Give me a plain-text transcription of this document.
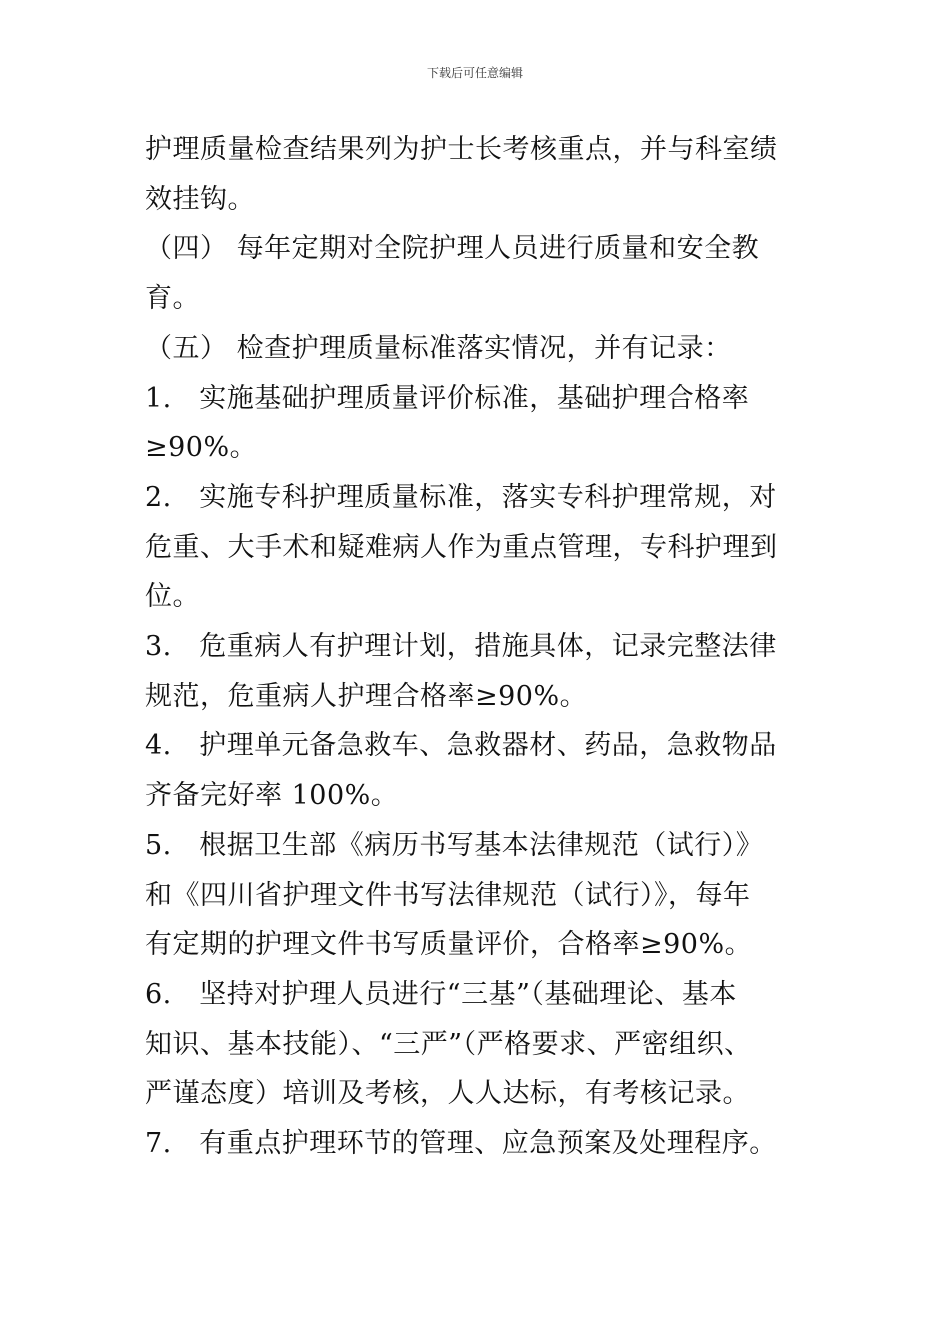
下载后可任意编辑

护理质量检查结果列为护士长考核重点，并与科室绩
效挂钩。

（四） 每年定期对全院护理人员进行质量和安全教
育。

（五） 检查护理质量标准落实情况，并有记录：

1.　实施基础护理质量评价标准，基础护理合格率
≥90%。

2.　实施专科护理质量标准，落实专科护理常规，对
危重、大手术和疑难病人作为重点管理，专科护理到
位。

3.　危重病人有护理计划，措施具体，记录完整法律
规范，危重病人护理合格率≥90%。

4.　护理单元备急救车、急救器材、药品，急救物品
齐备完好率 100%。

5.　根据卫生部《病历书写基本法律规范（试行）》
和《四川省护理文件书写法律规范（试行）》，每年
有定期的护理文件书写质量评价，合格率≥90%。

6.　坚持对护理人员进行“三基”（基础理论、基本
知识、基本技能）、“三严”（严格要求、严密组织、
严谨态度）培训及考核，人人达标，有考核记录。

7.　有重点护理环节的管理、应急预案及处理程序。
